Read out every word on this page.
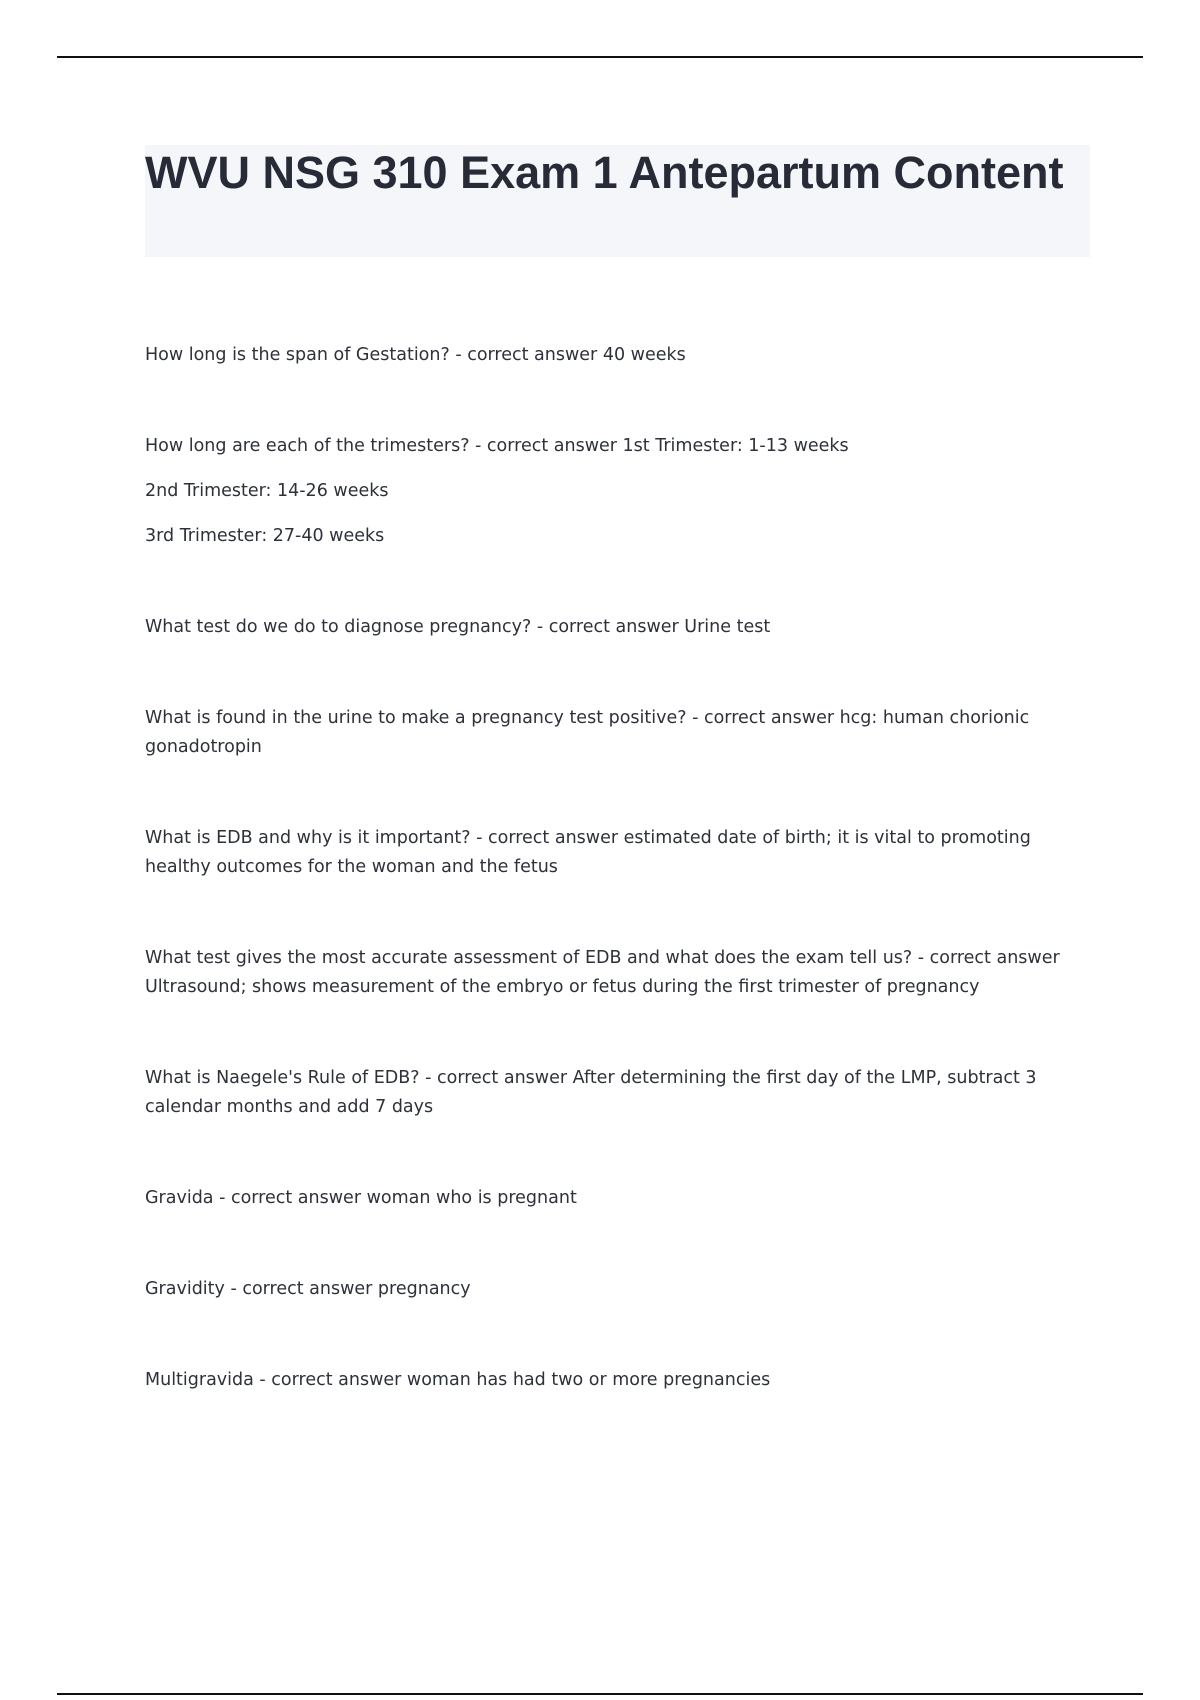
WVU NSG 310 Exam 1 Antepartum Content

How long is the span of Gestation? - correct answer 40 weeks

How long are each of the trimesters? - correct answer 1st Trimester: 1-13 weeks

2nd Trimester: 14-26 weeks

3rd Trimester: 27-40 weeks

What test do we do to diagnose pregnancy? - correct answer Urine test

What is found in the urine to make a pregnancy test positive? - correct answer hcg: human chorionic gonadotropin

What is EDB and why is it important? - correct answer estimated date of birth; it is vital to promoting healthy outcomes for the woman and the fetus

What test gives the most accurate assessment of EDB and what does the exam tell us? - correct answer Ultrasound; shows measurement of the embryo or fetus during the first trimester of pregnancy

What is Naegele's Rule of EDB? - correct answer After determining the first day of the LMP, subtract 3 calendar months and add 7 days

Gravida - correct answer woman who is pregnant

Gravidity - correct answer pregnancy

Multigravida - correct answer woman has had two or more pregnancies
